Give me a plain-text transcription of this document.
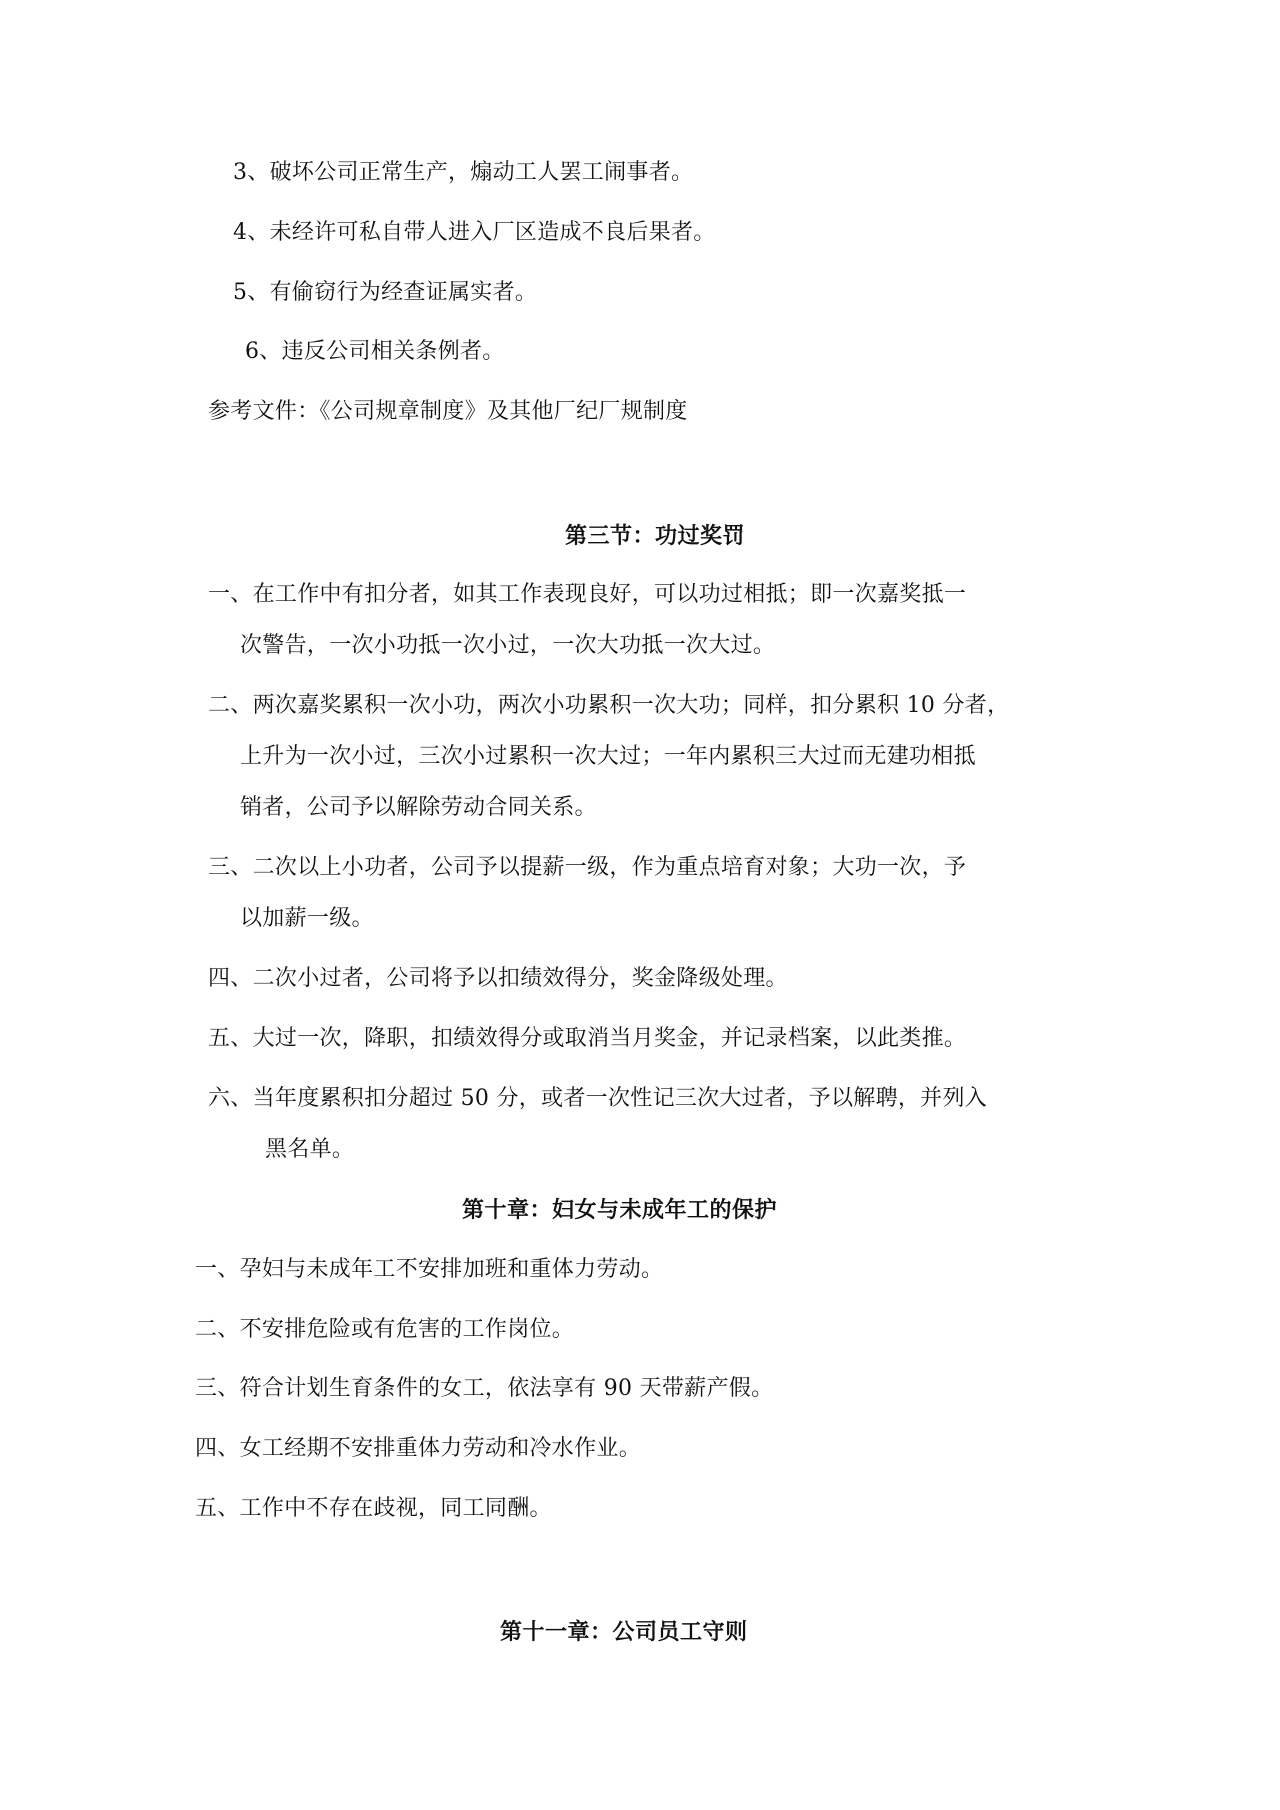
3、破坏公司正常生产，煽动工人罢工闹事者。
4、未经许可私自带人进入厂区造成不良后果者。
5、有偷窃行为经查证属实者。
6、违反公司相关条例者。
参考文件：《公司规章制度》及其他厂纪厂规制度
第三节：功过奖罚
一、在工作中有扣分者，如其工作表现良好，可以功过相抵；即一次嘉奖抵一
次警告，一次小功抵一次小过，一次大功抵一次大过。
二、两次嘉奖累积一次小功，两次小功累积一次大功；同样，扣分累积 10 分者，
上升为一次小过，三次小过累积一次大过；一年内累积三大过而无建功相抵
销者，公司予以解除劳动合同关系。
三、二次以上小功者，公司予以提薪一级，作为重点培育对象；大功一次，予
以加薪一级。
四、二次小过者，公司将予以扣绩效得分，奖金降级处理。
五、大过一次，降职，扣绩效得分或取消当月奖金，并记录档案，以此类推。
六、当年度累积扣分超过 50 分，或者一次性记三次大过者，予以解聘，并列入
黑名单。
第十章：妇女与未成年工的保护
一、孕妇与未成年工不安排加班和重体力劳动。
二、不安排危险或有危害的工作岗位。
三、符合计划生育条件的女工，依法享有 90 天带薪产假。
四、女工经期不安排重体力劳动和冷水作业。
五、工作中不存在歧视，同工同酬。
第十一章：公司员工守则
